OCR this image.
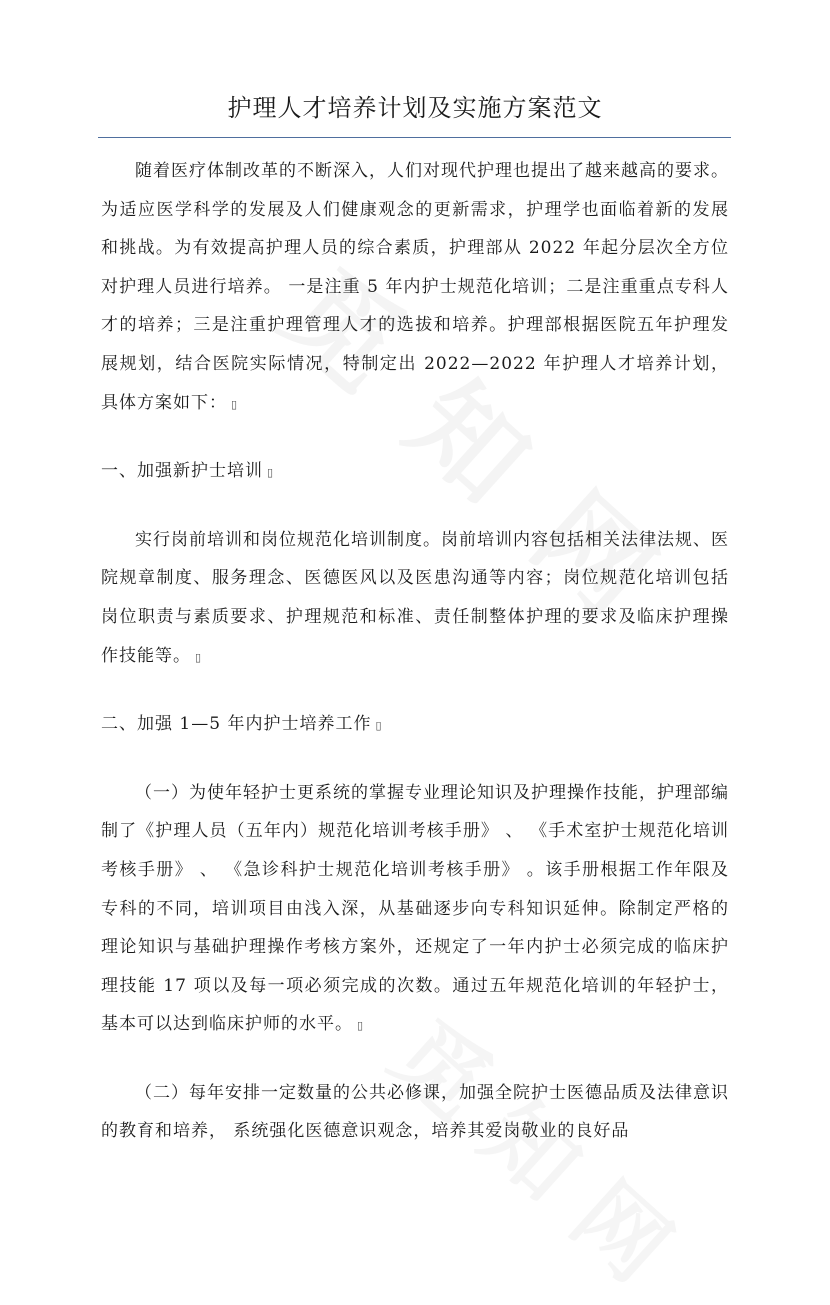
护理人才培养计划及实施方案范文

随着医疗体制改革的不断深入，人们对现代护理也提出了越来越高的要求。为适应医学科学的发展及人们健康观念的更新需求，护理学也面临着新的发展和挑战。为有效提高护理人员的综合素质，护理部从 2022 年起分层次全方位对护理人员进行培养。 一是注重 5 年内护士规范化培训；二是注重重点专科人才的培养；三是注重护理管理人才的选拔和培养。护理部根据医院五年护理发展规划，结合医院实际情况，特制定出 2022—2022 年护理人才培养计划，具体方案如下： ▯

一、加强新护士培训 ▯

实行岗前培训和岗位规范化培训制度。岗前培训内容包括相关法律法规、医院规章制度、服务理念、医德医风以及医患沟通等内容；岗位规范化培训包括岗位职责与素质要求、护理规范和标准、责任制整体护理的要求及临床护理操作技能等。 ▯

二、加强 1—5 年内护士培养工作 ▯

（一）为使年轻护士更系统的掌握专业理论知识及护理操作技能，护理部编制了《护理人员（五年内）规范化培训考核手册》 、 《手术室护士规范化培训考核手册》 、 《急诊科护士规范化培训考核手册》 。该手册根据工作年限及专科的不同，培训项目由浅入深，从基础逐步向专科知识延伸。除制定严格的理论知识与基础护理操作考核方案外，还规定了一年内护士必须完成的临床护理技能 17 项以及每一项必须完成的次数。通过五年规范化培训的年轻护士， 基本可以达到临床护师的水平。 ▯

（二）每年安排一定数量的公共必修课，加强全院护士医德品质及法律意识的教育和培养， 系统强化医德意识观念，培养其爱岗敬业的良好品
